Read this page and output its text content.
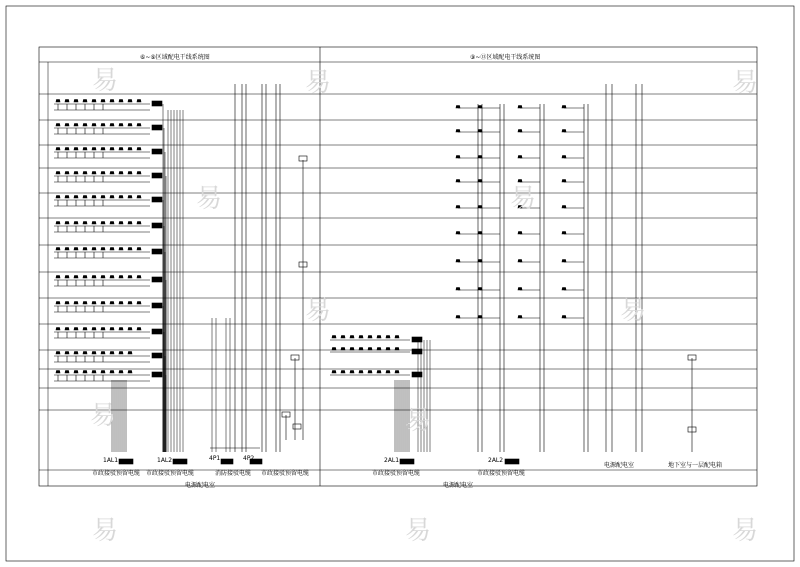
⑥~⑨区域配电干线系统图	⑨~⑬区域配电干线系统图
1AL1	1AL2	4P1	4P2	2AL1	2AL2
市政接驳预留电缆 市政接驳预留电缆	消防接驳电缆 市政接驳预留电缆
电源配电室
市政接驳预留电缆	市政接驳预留电缆
电源配电室	地下室与一层配电箱
电源配电室
易	易
易	易
易	易
易	易
易	易	易
易
